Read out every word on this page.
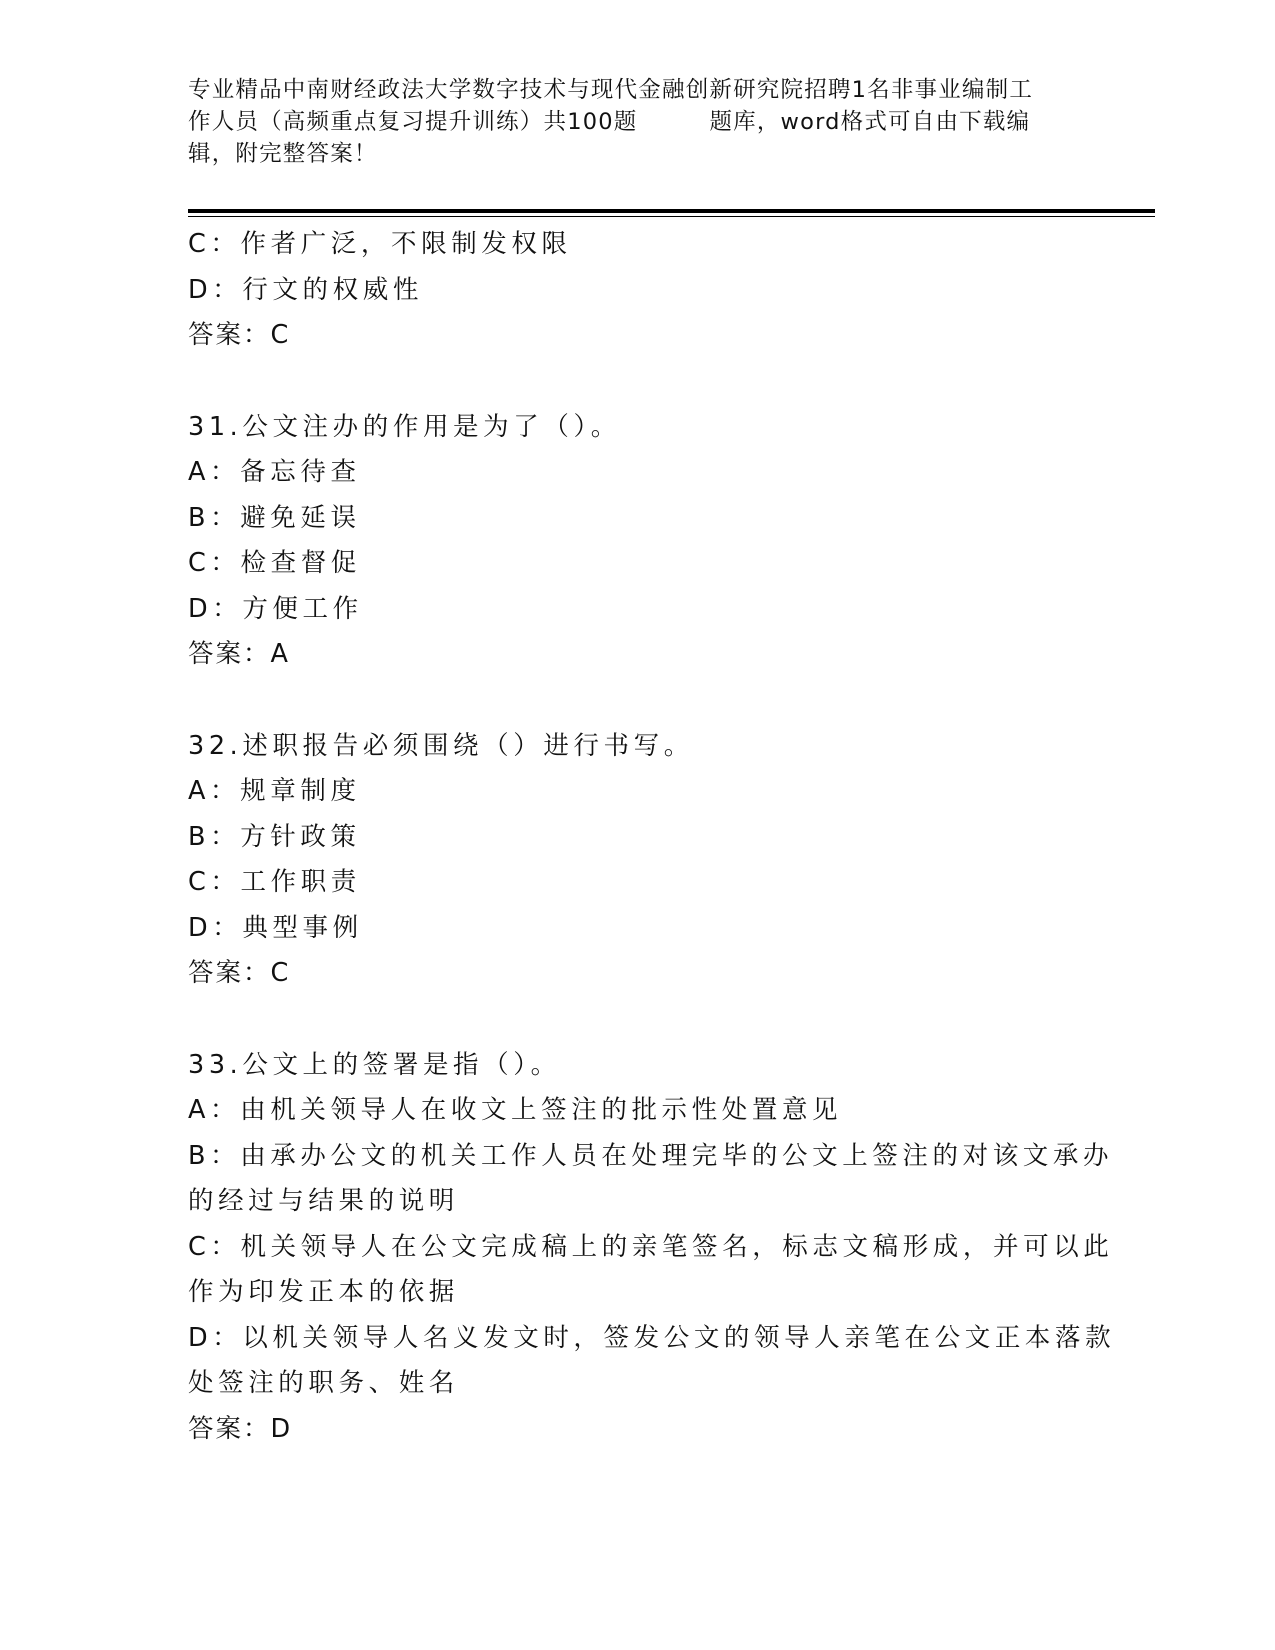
专业精品中南财经政法大学数字技术与现代金融创新研究院招聘1名非事业编制工
作人员（高频重点复习提升训练）共100题	题库，word格式可自由下载编
辑，附完整答案！
C：作者广泛，不限制发权限
D：行文的权威性
答案：C
31.公文注办的作用是为了（）。
A：备忘待查
B：避免延误
C：检查督促
D：方便工作
答案：A
32.述职报告必须围绕（）进行书写。
A：规章制度
B：方针政策
C：工作职责
D：典型事例
答案：C
33.公文上的签署是指（）。
A：由机关领导人在收文上签注的批示性处置意见
B：由承办公文的机关工作人员在处理完毕的公文上签注的对该文承办
的经过与结果的说明
C：机关领导人在公文完成稿上的亲笔签名，标志文稿形成，并可以此
作为印发正本的依据
D：以机关领导人名义发文时，签发公文的领导人亲笔在公文正本落款
处签注的职务、姓名
答案：D
